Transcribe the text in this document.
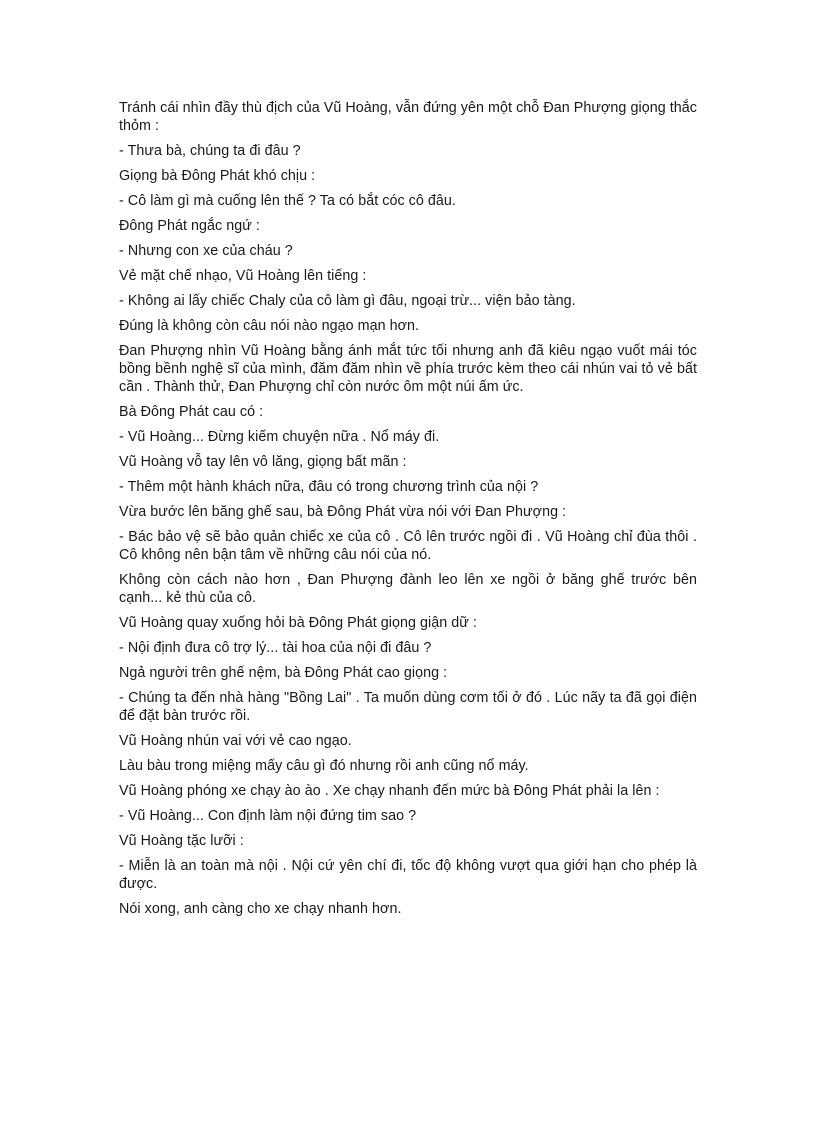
Tránh cái nhìn đầy thù địch của Vũ Hoàng, vẫn đứng yên một chỗ Đan Phượng giọng thắc thỏm :

- Thưa bà, chúng ta đi đâu ?

Giọng bà Đông Phát khó chịu :

- Cô làm gì mà cuống lên thế ? Ta có bắt cóc cô đâu.

Đông Phát ngắc ngứ :

- Nhưng con xe của cháu ?

Vẻ mặt chế nhạo, Vũ Hoàng lên tiếng :

- Không ai lấy chiếc Chaly của cô làm gì đâu, ngoại trừ... viện bảo tàng.

Đúng là không còn câu nói nào ngạo mạn hơn.

Đan Phượng nhìn Vũ Hoàng bằng ánh mắt tức tối nhưng anh đã kiêu ngạo vuốt mái tóc bồng bềnh nghệ sĩ của mình, đăm đăm nhìn về phía trước kèm theo cái nhún vai tỏ vẻ bất cần . Thành thử, Đan Phượng chỉ còn nước ôm một núi ấm ức.

Bà Đông Phát cau có :

- Vũ Hoàng... Đừng kiếm chuyện nữa . Nổ máy đi.

Vũ Hoàng vỗ tay lên vô lăng, giọng bất mãn :

- Thêm một hành khách nữa, đâu có trong chương trình của nội ?

Vừa bước lên băng ghế sau, bà Đông Phát vừa nói với Đan Phượng :

- Bác bảo vệ sẽ bảo quản chiếc xe của cô . Cô lên trước ngồi đi . Vũ Hoàng chỉ đùa thôi . Cô không nên bận tâm về những câu nói của nó.

Không còn cách nào hơn , Đan Phượng đành leo lên xe ngồi ở băng ghế trước bên cạnh... kẻ thù của cô.

Vũ Hoàng quay xuống hỏi bà Đông Phát giọng giận dữ :

- Nội định đưa cô trợ lý... tài hoa của nội đi đâu ?

Ngả người trên ghế nệm, bà Đông Phát cao giọng :

- Chúng ta đến nhà hàng "Bồng Lai" . Ta muốn dùng cơm tối ở đó . Lúc nãy ta đã gọi điện để đặt bàn trước rồi.

Vũ Hoàng nhún vai với vẻ cao ngạo.

Làu bàu trong miệng mấy câu gì đó nhưng rồi anh cũng nổ máy.

Vũ Hoàng phóng xe chạy ào ào . Xe chạy nhanh đến mức bà Đông Phát phải la lên :

- Vũ Hoàng... Con định làm nội đứng tim sao ?

Vũ Hoàng tặc lưỡi :

- Miễn là an toàn mà nội . Nội cứ yên chí đi, tốc độ không vượt qua giới hạn cho phép là được.

Nói xong, anh càng cho xe chạy nhanh hơn.
